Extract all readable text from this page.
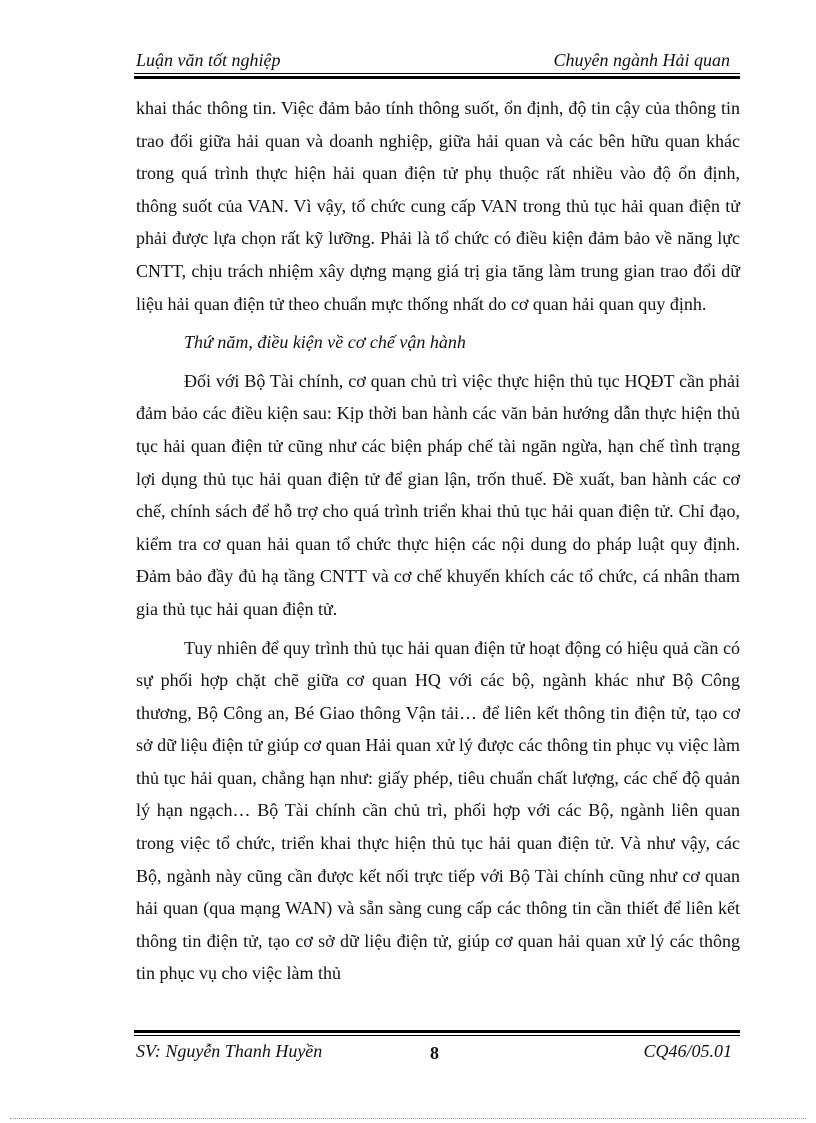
Luận văn tốt nghiệp	Chuyên ngành Hải quan

khai thác thông tin. Việc đảm bảo tính thông suốt, ổn định, độ tin cậy của thông tin trao đổi giữa hải quan và doanh nghiệp, giữa hải quan và các bên hữu quan khác trong quá trình thực hiện hải quan điện tử phụ thuộc rất nhiều vào độ ổn định, thông suốt của VAN. Vì vậy, tổ chức cung cấp VAN trong thủ tục hải quan điện tử phải được lựa chọn rất kỹ lưỡng. Phải là tổ chức có điều kiện đảm bảo về năng lực CNTT, chịu trách nhiệm xây dựng mạng giá trị gia tăng làm trung gian trao đổi dữ liệu hải quan điện tử theo chuẩn mực thống nhất do cơ quan hải quan quy định.

Thứ năm, điều kiện về cơ chế vận hành

Đối với Bộ Tài chính, cơ quan chủ trì việc thực hiện thủ tục HQĐT cần phải đảm bảo các điều kiện sau: Kịp thời ban hành các văn bản hướng dẫn thực hiện thủ tục hải quan điện tử cũng như các biện pháp chế tài ngăn ngừa, hạn chế tình trạng lợi dụng thủ tục hải quan điện tử để gian lận, trốn thuế. Đề xuất, ban hành các cơ chế, chính sách để hỗ trợ cho quá trình triển khai thủ tục hải quan điện tử. Chỉ đạo, kiểm tra cơ quan hải quan tổ chức thực hiện các nội dung do pháp luật quy định. Đảm bảo đầy đủ hạ tầng CNTT và cơ chế khuyến khích các tổ chức, cá nhân tham gia thủ tục hải quan điện tử.

Tuy nhiên để quy trình thủ tục hải quan điện tử hoạt động có hiệu quả cần có sự phối hợp chặt chẽ giữa cơ quan HQ với các bộ, ngành khác như Bộ Công thương, Bộ Công an, Bé Giao thông Vận tải… để liên kết thông tin điện tử, tạo cơ sở dữ liệu điện tử giúp cơ quan Hải quan xử lý được các thông tin phục vụ việc làm thủ tục hải quan, chẳng hạn như: giấy phép, tiêu chuẩn chất lượng, các chế độ quản lý hạn ngạch… Bộ Tài chính cần chủ trì, phối hợp với các Bộ, ngành liên quan trong việc tổ chức, triển khai thực hiện thủ tục hải quan điện tử. Và như vậy, các Bộ, ngành này cũng cần được kết nối trực tiếp với Bộ Tài chính cũng như cơ quan hải quan (qua mạng WAN) và sẵn sàng cung cấp các thông tin cần thiết để liên kết thông tin điện tử, tạo cơ sở dữ liệu điện tử, giúp cơ quan hải quan xử lý các thông tin phục vụ cho việc làm thủ

SV: Nguyễn Thanh Huyền	8	CQ46/05.01
